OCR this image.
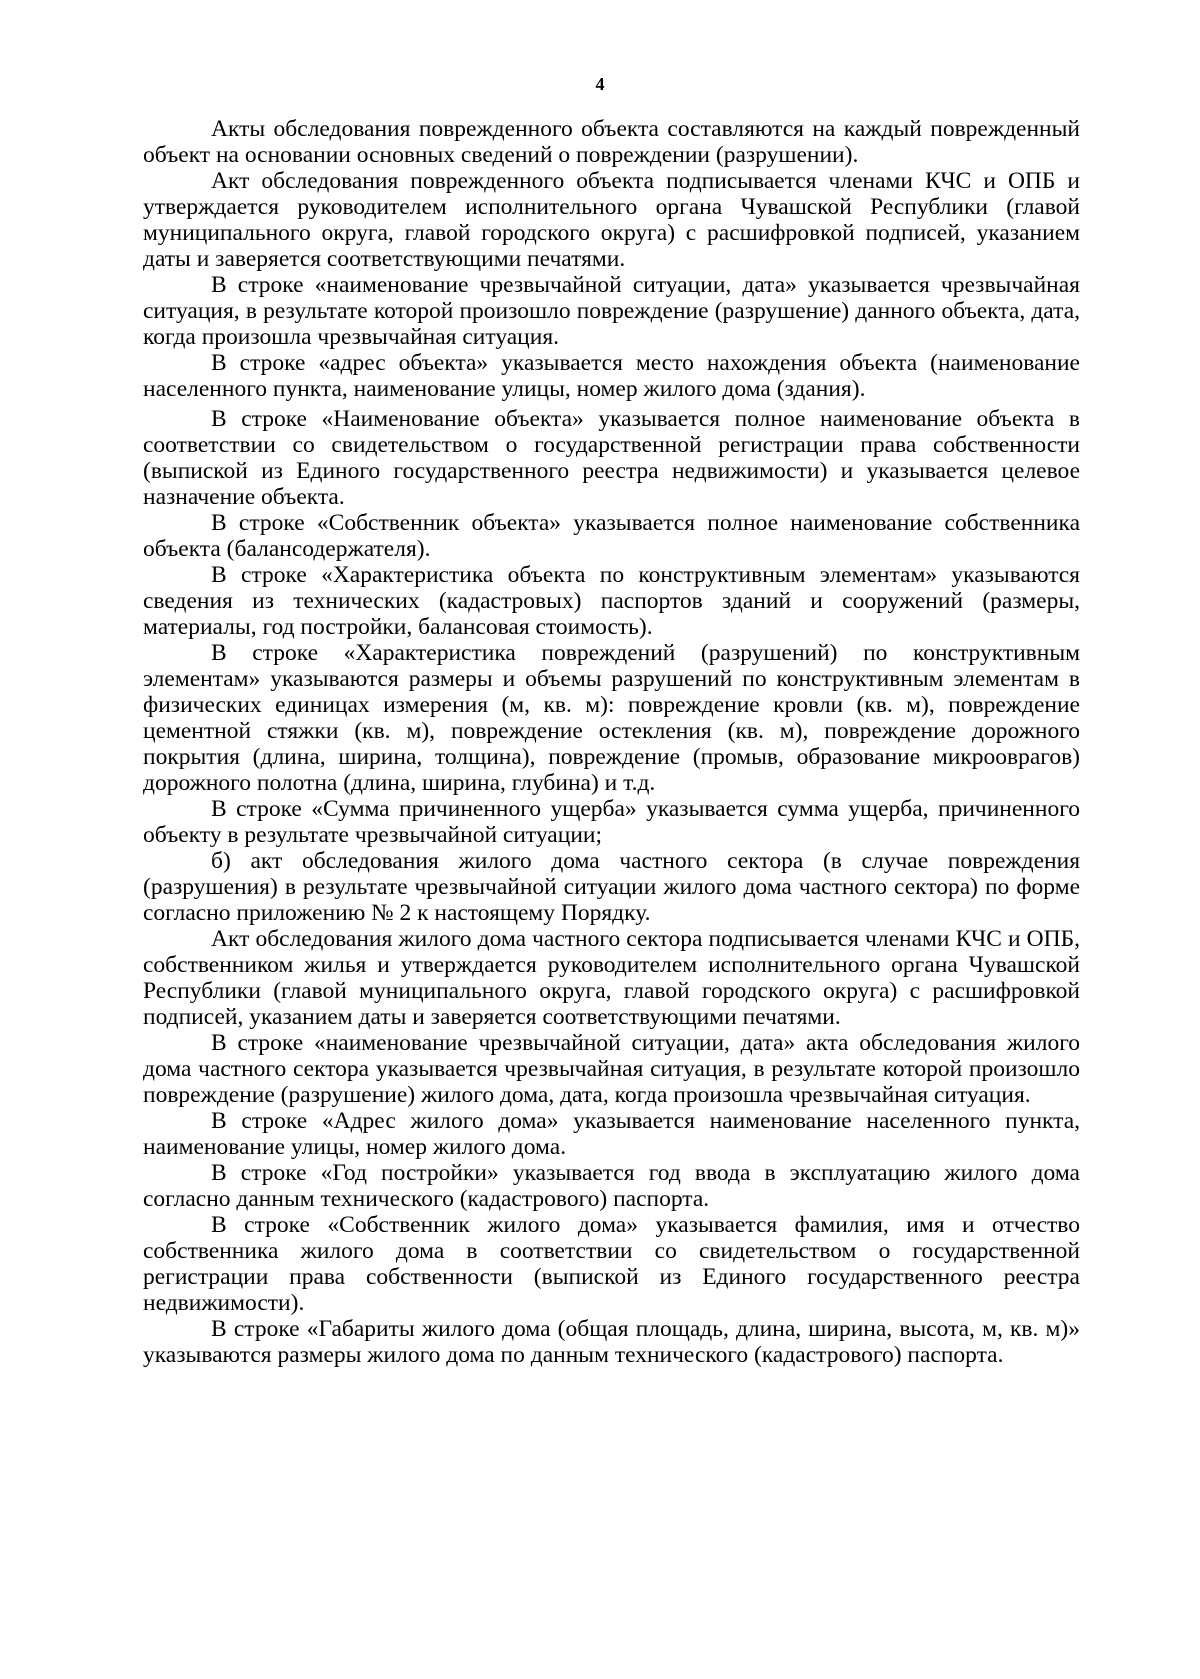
4

Акты обследования поврежденного объекта составляются на каждый поврежденный объект на основании основных сведений о повреждении (разрушении).

Акт обследования поврежденного объекта подписывается членами КЧС и ОПБ и утверждается руководителем исполнительного органа Чувашской Республики (главой муниципального округа, главой городского округа) с расшифровкой подписей, указанием даты и заверяется соответствующими печатями.

В строке «наименование чрезвычайной ситуации, дата» указывается чрезвычайная ситуация, в результате которой произошло повреждение (разрушение) данного объекта, дата, когда произошла чрезвычайная ситуация.

В строке «адрес объекта» указывается место нахождения объекта (наименование населенного пункта, наименование улицы, номер жилого дома (здания).

В строке «Наименование объекта» указывается полное наименование объекта в соответствии со свидетельством о государственной регистрации права собственности (выпиской из Единого государственного реестра недвижимости) и указывается целевое назначение объекта.

В строке «Собственник объекта» указывается полное наименование собственника объекта (балансодержателя).

В строке «Характеристика объекта по конструктивным элементам» указываются сведения из технических (кадастровых) паспортов зданий и сооружений (размеры, материалы, год постройки, балансовая стоимость).

В строке «Характеристика повреждений (разрушений) по конструктивным элементам» указываются размеры и объемы разрушений по конструктивным элементам в физических единицах измерения (м, кв. м): повреждение кровли (кв. м), повреждение цементной стяжки (кв. м), повреждение остекления (кв. м), повреждение дорожного покрытия (длина, ширина, толщина), повреждение (промыв, образование микрооврагов) дорожного полотна (длина, ширина, глубина) и т.д.

В строке «Сумма причиненного ущерба» указывается сумма ущерба, причиненного объекту в результате чрезвычайной ситуации;

б) акт обследования жилого дома частного сектора (в случае повреждения (разрушения) в результате чрезвычайной ситуации жилого дома частного сектора) по форме согласно приложению № 2 к настоящему Порядку.

Акт обследования жилого дома частного сектора подписывается членами КЧС и ОПБ, собственником жилья и утверждается руководителем исполнительного органа Чувашской Республики (главой муниципального округа, главой городского округа) с расшифровкой подписей, указанием даты и заверяется соответствующими печатями.

В строке «наименование чрезвычайной ситуации, дата» акта обследования жилого дома частного сектора указывается чрезвычайная ситуация, в результате которой произошло повреждение (разрушение) жилого дома, дата, когда произошла чрезвычайная ситуация.

В строке «Адрес жилого дома» указывается наименование населенного пункта, наименование улицы, номер жилого дома.

В строке «Год постройки» указывается год ввода в эксплуатацию жилого дома согласно данным технического (кадастрового) паспорта.

В строке «Собственник жилого дома» указывается фамилия, имя и отчество собственника жилого дома в соответствии со свидетельством о государственной регистрации права собственности (выпиской из Единого государственного реестра недвижимости).

В строке «Габариты жилого дома (общая площадь, длина, ширина, высота, м, кв. м)» указываются размеры жилого дома по данным технического (кадастрового) паспорта.
